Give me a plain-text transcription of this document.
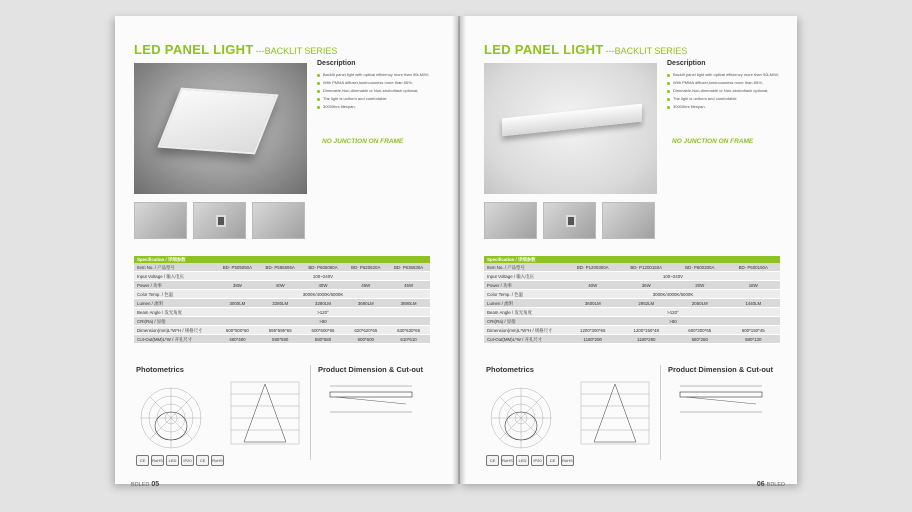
LED PANEL LIGHT ---BACKLIT SERIES
Description
Backlit panel light with optical efficiency more than 90LM/W;
With PMMA diffuser,luminousness more than 85%;
Dimmable,Non-dimmable or Non-stroboflash optional;
The light is uniform and comfortable
30000hrs lifespan.
NO JUNCTION ON FRAME
Specification / 详细参数
Item No. / 产品型号	BD- P505050A	BD- P595595A	BD- P606060A	BD- P620620A	BD- P636630A
Input Voltage / 输入电压	100~240V
Power / 功率	38W	40W	40W	45W	45W
Color Temp. / 色温	3000K/4000K/6000K
Lumen / 流明	3000LM	3280LM	3280LM	3690LM	3690LM
Beam Angle / 发光角度	>120°
CRI(Ra) / 显指	>80
Dimension(mm)L*W*H / 规格尺寸	500*500*60	595*595*65	600*600*65	620*620*65	630*630*65
Cut-Out(MM)L*W / 开孔尺寸	480*480	580*580	580*580	600*600	610*610
Photometrics	Product Dimension & Cut-out
CE	RoHS	LED	IP20	CE	RoHS
BDLED 05
LED PANEL LIGHT ---BACKLIT SERIES
Description
Backlit panel light with optical efficiency more than 90LM/W;
With PMMA diffuser,luminousness more than 85%;
Dimmable,Non-dimmable or Non-stroboflash optional;
The light is uniform and comfortable
30000hrs lifespan.
NO JUNCTION ON FRAME
Specification / 详细参数
Item No. / 产品型号	BD- P1200300A	BD- P1200150A	BD- P600300A	BD- P600150A
Input Voltage / 输入电压	100~240V
Power / 功率	40W	36W	20W	18W
Color Temp. / 色温	3000K/4000K/6000K
Lumen / 流明	3600LM	2952LM	2050LM	1440LM
Beam Angle / 发光角度	>120°
CRI(Ra) / 显指	>80
Dimension(mm)L*W*H / 规格尺寸	1200*300*65	1200*150*48	600*300*65	600*150*45
Cut-Out(MM)L*W / 开孔尺寸	1180*280	1180*280	580*280	580*130
Photometrics	Product Dimension & Cut-out
CE	RoHS	LED	IP20	CE	RoHS
06 BDLED
